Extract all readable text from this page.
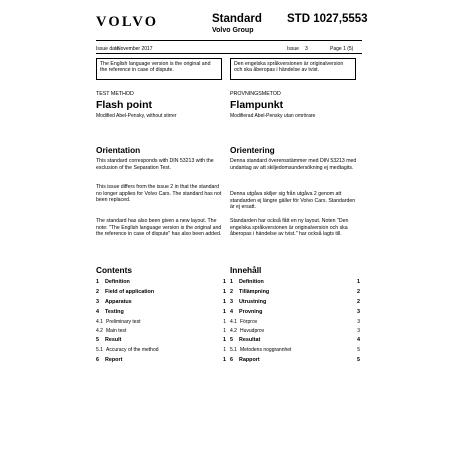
VOLVO	Standard
Volvo Group
STD 1027,5553
Issue date
November 2017	Issue 3	Page 1 (5)
The English language version is the original and the reference in case of dispute.
Den engelska språkversionen är originalversion och ska åberopas i händelse av tvist.
TEST METHOD
Flash point
Modified Abel-Pensky, without stirrer
Orientation
This standard corresponds with DIN 53213 with the exclusion of the Separation Test.
This issue differs from the issue 2 in that the standard no longer applies for Volvo Cars. The standard has not been replaced.
The standard has also been given a new layout. The note: "The English language version is the original and the reference in case of dispute" has also been added.
Contents
1 Definition	1
2 Field of application	1
3 Apparatus	1
4 Testing	1
4.1 Preliminary test	1
4.2 Main test	1
5 Result	1
5.1 Accuracy of the method	1
6 Report	1
PROVNINGSMETOD
Flampunkt
Modifierad Abel-Pensky utan omrörare
Orientering
Denna standard överensstämmer med DIN 53213 med undantag av att skiljedomsundersökning ej medtagits.
Denna utgåva skiljer sig från utgåva 2 genom att standarden ej längre gäller för Volvo Cars. Standarden är ej ersatt.
Standarden har också fått en ny layout. Noten "Den engelska språkversionen är originalversion och ska åberopas i händelse av tvist." har också lagts till.
Innehåll
1 Definition	1
2 Tillämpning	2
3 Utrustning	2
4 Provning	3
4.1 Förprov	3
4.2 Huvudprov	3
5 Resultat	4
5.1 Metodens noggrannhet	5
6 Rapport	5
